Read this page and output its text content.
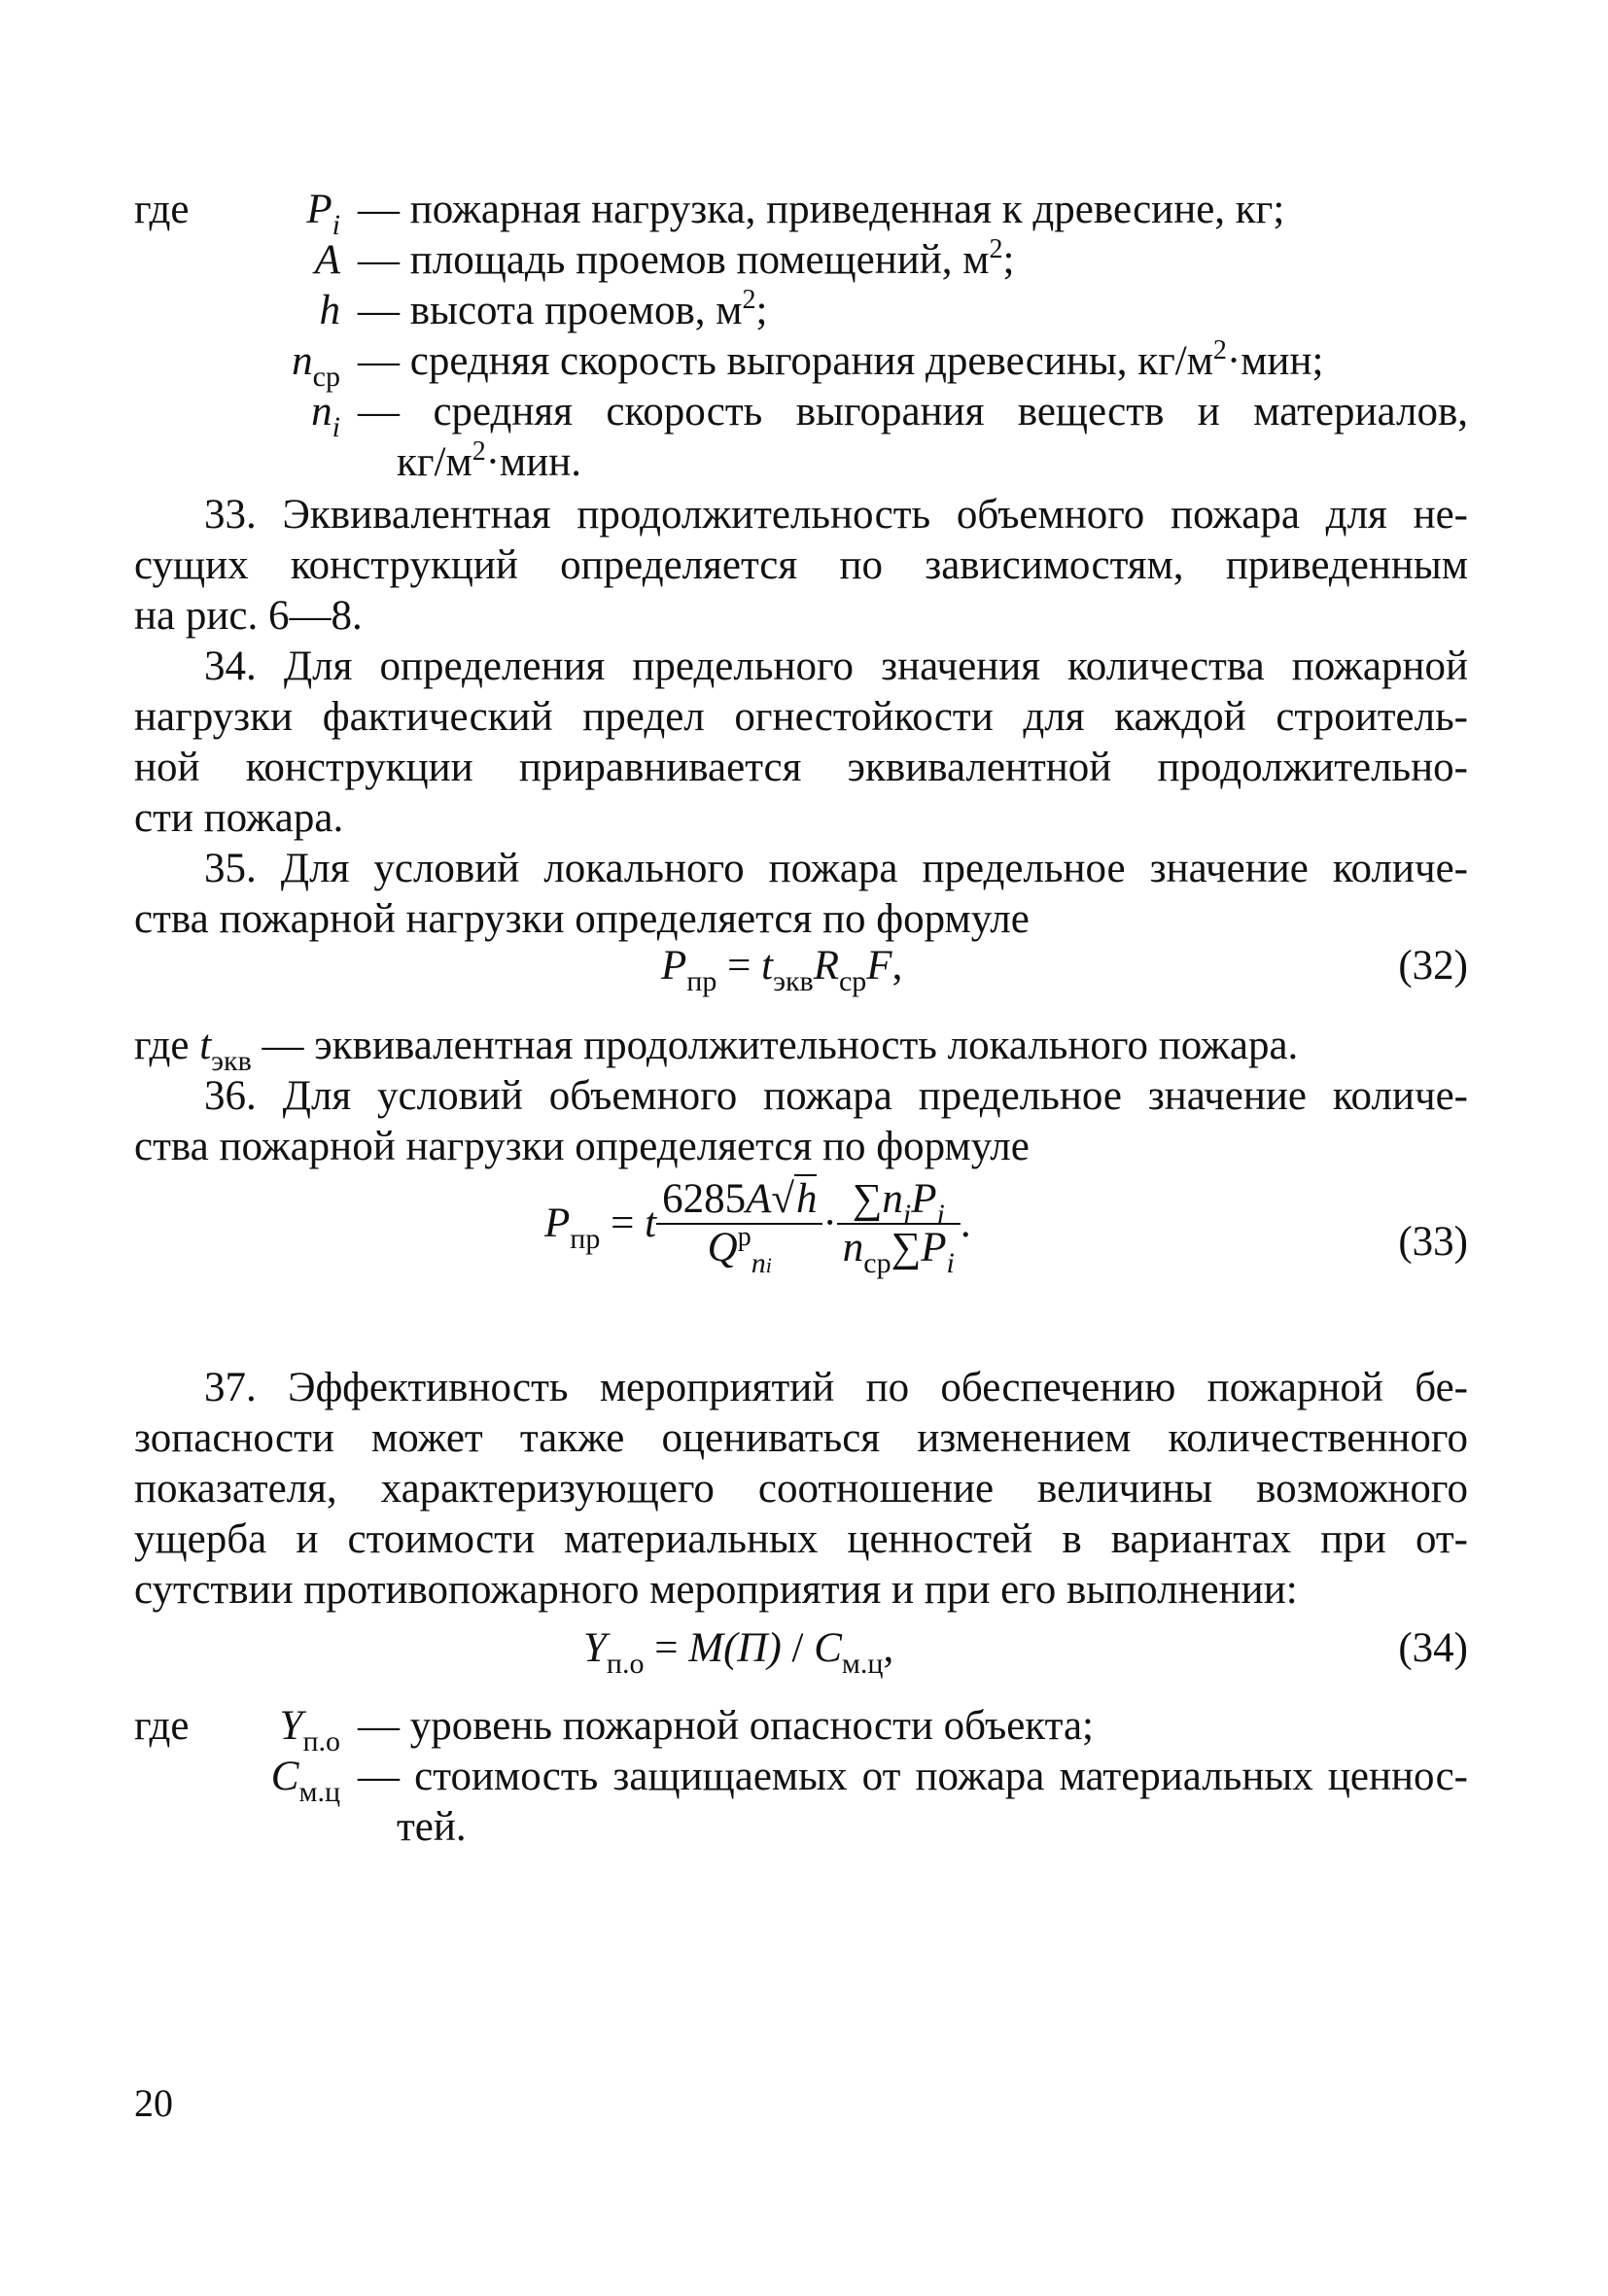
где	$P_i$ — пожарная нагрузка, приведенная к древесине, кг;
A — площадь проемов помещений, $м^2$;
h — высота проемов, $м^2$;
$n_{ср}$ — средняя скорость выгорания древесины, $кг/м^2\cdot мин$;
$n_i$ — средняя скорость выгорания веществ и материалов,
$кг/м^2\cdot мин$.
33. Эквивалентная продолжительность объемного пожара для не-
сущих конструкций определяется по зависимостям, приведенным
на рис. 6—8.
34. Для определения предельного значения количества пожарной
нагрузки фактический предел огнестойкости для каждой строитель-
ной конструкции приравнивается эквивалентной продолжительно-
сти пожара.
35. Для условий локального пожара предельное значение количе-
ства пожарной нагрузки определяется по формуле
$P_{пр} = t_{экв}R_{ср}F$,	(32)
где $t_{экв}$ — эквивалентная продолжительность локального пожара.
36. Для условий объемного пожара предельное значение количе-
ства пожарной нагрузки определяется по формуле
$P_{пр} = t \frac{6285A√h}{Q^р_{ni}} \cdot \frac{\sum n_iP_i}{n_{ср}\sum P_i}$ .	(33)
37. Эффективность мероприятий по обеспечению пожарной бе-
зопасности может также оцениваться изменением количественного
показателя, характеризующего соотношение величины возможного
ущерба и стоимости материальных ценностей в вариантах при от-
сутствии противопожарного мероприятия и при его выполнении:
$Y_{п.о} = M(П) / C_{м.ц}$,	(34)
где	$Y_{п.о}$ — уровень пожарной опасности объекта;
$C_{м.ц}$ — стоимость защищаемых от пожара материальных ценнос-
тей.
20
